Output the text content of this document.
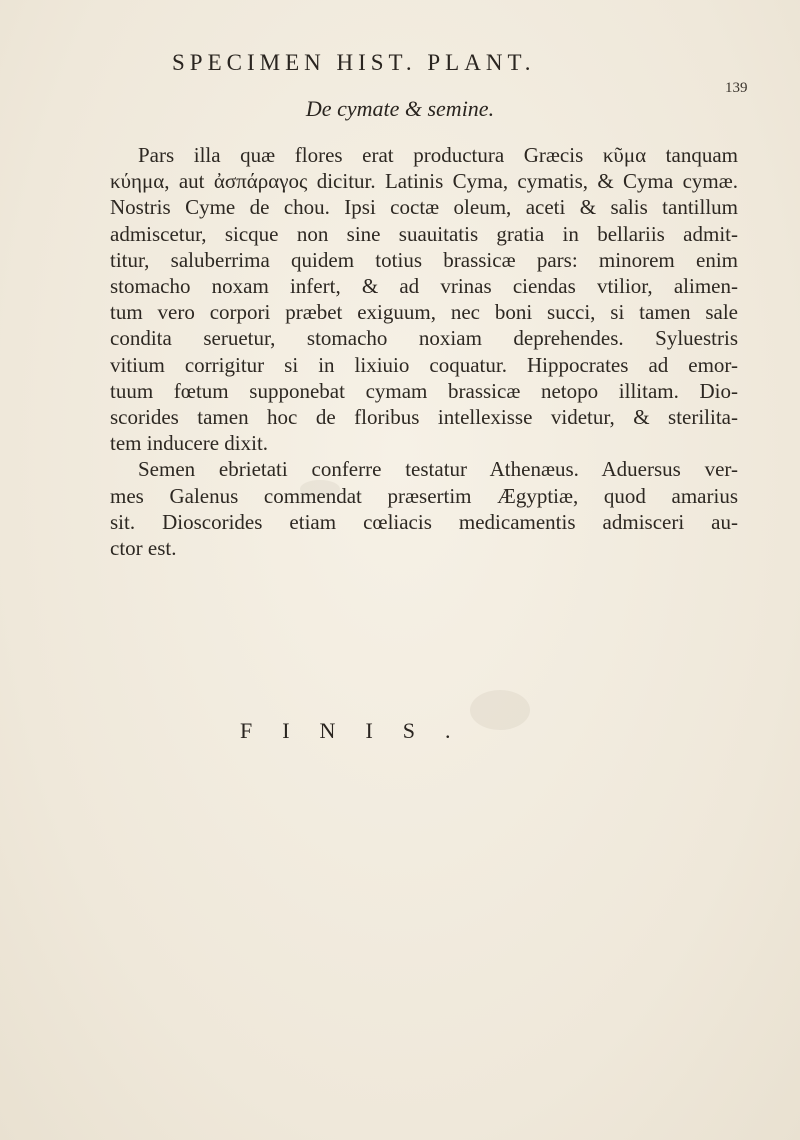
SPECIMEN HIST. PLANT.
139
De cymate & semine.
Pars illa quæ flores erat productura Græcis κῦμα tanquam
κύημα, aut ἀσπάραγος dicitur. Latinis Cyma, cymatis, & Cyma cymæ.
Nostris Cyme de chou. Ipsi coctæ oleum, aceti & salis tantillum
admiscetur, sicque non sine suauitatis gratia in bellariis admit-
titur, saluberrima quidem totius brassicæ pars: minorem enim
stomacho noxam infert, & ad vrinas ciendas vtilior, alimen-
tum vero corpori præbet exiguum, nec boni succi, si tamen sale
condita seruetur, stomacho noxiam deprehendes. Syluestris
vitium corrigitur si in lixiuio coquatur. Hippocrates ad emor-
tuum fœtum supponebat cymam brassicæ netopo illitam. Dio-
scorides tamen hoc de floribus intellexisse videtur, & sterilita-
tem inducere dixit.
Semen ebrietati conferre testatur Athenæus. Aduersus ver-
mes Galenus commendat præsertim Ægyptiæ, quod amarius
sit. Dioscorides etiam cœliacis medicamentis admisceri au-
ctor est.
FINIS.
